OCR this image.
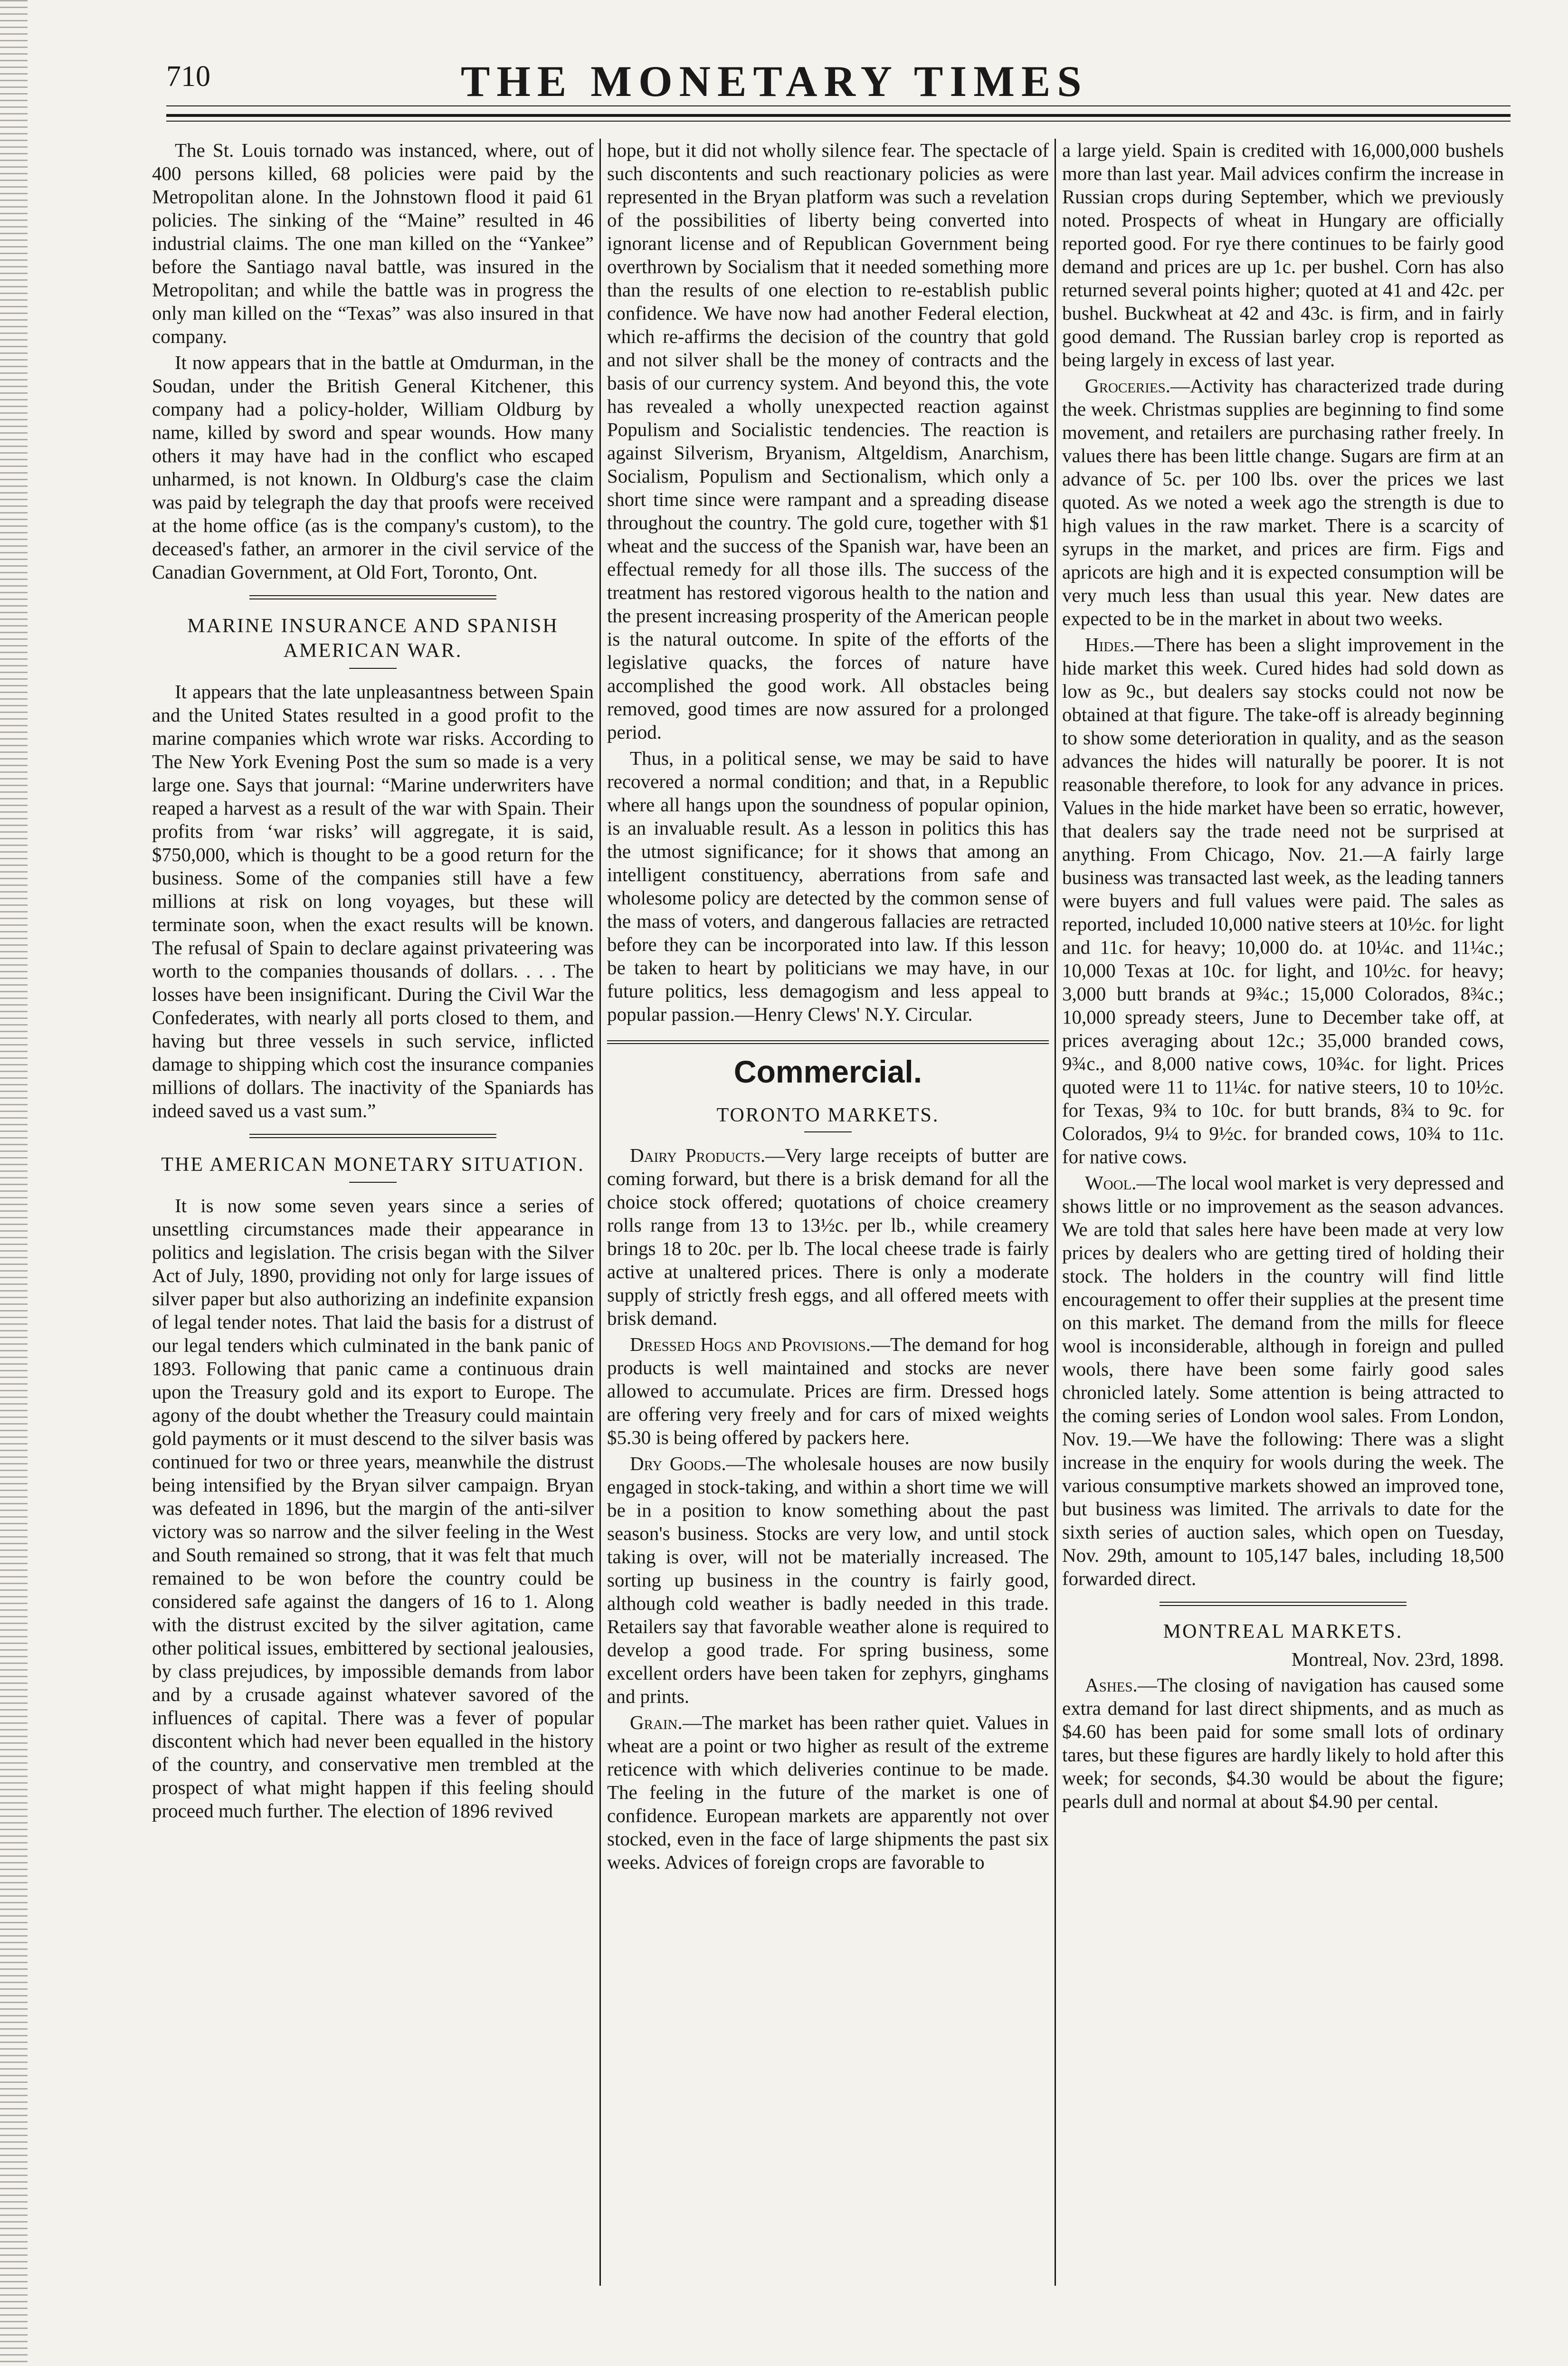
710	THE MONETARY TIMES

The St. Louis tornado was instanced, where, out of 400 persons killed, 68 policies were paid by the Metropolitan alone. In the Johnstown flood it paid 61 policies. The sinking of the “Maine” resulted in 46 industrial claims. The one man killed on the “Yankee” before the Santiago naval battle, was insured in the Metropolitan; and while the battle was in progress the only man killed on the “Texas” was also insured in that company.

It now appears that in the battle at Omdurman, in the Soudan, under the British General Kitchener, this company had a policy-holder, William Oldburg by name, killed by sword and spear wounds. How many others it may have had in the conflict who escaped unharmed, is not known. In Oldburg's case the claim was paid by telegraph the day that proofs were received at the home office (as is the company's custom), to the deceased's father, an armorer in the civil service of the Canadian Government, at Old Fort, Toronto, Ont.

MARINE INSURANCE AND SPANISH AMERICAN WAR.

It appears that the late unpleasantness between Spain and the United States resulted in a good profit to the marine companies which wrote war risks. According to The New York Evening Post the sum so made is a very large one. Says that journal: “Marine underwriters have reaped a harvest as a result of the war with Spain. Their profits from ‘war risks’ will aggregate, it is said, $750,000, which is thought to be a good return for the business. Some of the companies still have a few millions at risk on long voyages, but these will terminate soon, when the exact results will be known. The refusal of Spain to declare against privateering was worth to the companies thousands of dollars. . . . The losses have been insignificant. During the Civil War the Confederates, with nearly all ports closed to them, and having but three vessels in such service, inflicted damage to shipping which cost the insurance companies millions of dollars. The inactivity of the Spaniards has indeed saved us a vast sum.”

THE AMERICAN MONETARY SITUATION.

It is now some seven years since a series of unsettling circumstances made their appearance in politics and legislation. The crisis began with the Silver Act of July, 1890, providing not only for large issues of silver paper but also authorizing an indefinite expansion of legal tender notes. That laid the basis for a distrust of our legal tenders which culminated in the bank panic of 1893. Following that panic came a continuous drain upon the Treasury gold and its export to Europe. The agony of the doubt whether the Treasury could maintain gold payments or it must descend to the silver basis was continued for two or three years, meanwhile the distrust being intensified by the Bryan silver campaign. Bryan was defeated in 1896, but the margin of the anti-silver victory was so narrow and the silver feeling in the West and South remained so strong, that it was felt that much remained to be won before the country could be considered safe against the dangers of 16 to 1. Along with the distrust excited by the silver agitation, came other political issues, embittered by sectional jealousies, by class prejudices, by impossible demands from labor and by a crusade against whatever savored of the influences of capital. There was a fever of popular discontent which had never been equalled in the history of the country, and conservative men trembled at the prospect of what might happen if this feeling should proceed much further. The election of 1896 revived

hope, but it did not wholly silence fear. The spectacle of such discontents and such reactionary policies as were represented in the Bryan platform was such a revelation of the possibilities of liberty being converted into ignorant license and of Republican Government being overthrown by Socialism that it needed something more than the results of one election to re-establish public confidence. We have now had another Federal election, which re-affirms the decision of the country that gold and not silver shall be the money of contracts and the basis of our currency system. And beyond this, the vote has revealed a wholly unexpected reaction against Populism and Socialistic tendencies. The reaction is against Silverism, Bryanism, Altgeldism, Anarchism, Socialism, Populism and Sectionalism, which only a short time since were rampant and a spreading disease throughout the country. The gold cure, together with $1 wheat and the success of the Spanish war, have been an effectual remedy for all those ills. The success of the treatment has restored vigorous health to the nation and the present increasing prosperity of the American people is the natural outcome. In spite of the efforts of the legislative quacks, the forces of nature have accomplished the good work. All obstacles being removed, good times are now assured for a prolonged period.

Thus, in a political sense, we may be said to have recovered a normal condition; and that, in a Republic where all hangs upon the soundness of popular opinion, is an invaluable result. As a lesson in politics this has the utmost significance; for it shows that among an intelligent constituency, aberrations from safe and wholesome policy are detected by the common sense of the mass of voters, and dangerous fallacies are retracted before they can be incorporated into law. If this lesson be taken to heart by politicians we may have, in our future politics, less demagogism and less appeal to popular passion.—Henry Clews' N.Y. Circular.

Commercial.
TORONTO MARKETS.

Dairy Products.—Very large receipts of butter are coming forward, but there is a brisk demand for all the choice stock offered; quotations of choice creamery rolls range from 13 to 13½c. per lb., while creamery brings 18 to 20c. per lb. The local cheese trade is fairly active at unaltered prices. There is only a moderate supply of strictly fresh eggs, and all offered meets with brisk demand.

Dressed Hogs and Provisions.—The demand for hog products is well maintained and stocks are never allowed to accumulate. Prices are firm. Dressed hogs are offering very freely and for cars of mixed weights $5.30 is being offered by packers here.

Dry Goods.—The wholesale houses are now busily engaged in stock-taking, and within a short time we will be in a position to know something about the past season's business. Stocks are very low, and until stock taking is over, will not be materially increased. The sorting up business in the country is fairly good, although cold weather is badly needed in this trade. Retailers say that favorable weather alone is required to develop a good trade. For spring business, some excellent orders have been taken for zephyrs, ginghams and prints.

Grain.—The market has been rather quiet. Values in wheat are a point or two higher as result of the extreme reticence with which deliveries continue to be made. The feeling in the future of the market is one of confidence. European markets are apparently not over stocked, even in the face of large shipments the past six weeks. Advices of foreign crops are favorable to

a large yield. Spain is credited with 16,000,000 bushels more than last year. Mail advices confirm the increase in Russian crops during September, which we previously noted. Prospects of wheat in Hungary are officially reported good. For rye there continues to be fairly good demand and prices are up 1c. per bushel. Corn has also returned several points higher; quoted at 41 and 42c. per bushel. Buckwheat at 42 and 43c. is firm, and in fairly good demand. The Russian barley crop is reported as being largely in excess of last year.

Groceries.—Activity has characterized trade during the week. Christmas supplies are beginning to find some movement, and retailers are purchasing rather freely. In values there has been little change. Sugars are firm at an advance of 5c. per 100 lbs. over the prices we last quoted. As we noted a week ago the strength is due to high values in the raw market. There is a scarcity of syrups in the market, and prices are firm. Figs and apricots are high and it is expected consumption will be very much less than usual this year. New dates are expected to be in the market in about two weeks.

Hides.—There has been a slight improvement in the hide market this week. Cured hides had sold down as low as 9c., but dealers say stocks could not now be obtained at that figure. The take-off is already beginning to show some deterioration in quality, and as the season advances the hides will naturally be poorer. It is not reasonable therefore, to look for any advance in prices. Values in the hide market have been so erratic, however, that dealers say the trade need not be surprised at anything. From Chicago, Nov. 21.—A fairly large business was transacted last week, as the leading tanners were buyers and full values were paid. The sales as reported, included 10,000 native steers at 10½c. for light and 11c. for heavy; 10,000 do. at 10¼c. and 11¼c.; 10,000 Texas at 10c. for light, and 10½c. for heavy; 3,000 butt brands at 9¾c.; 15,000 Colorados, 8¾c.; 10,000 spready steers, June to December take off, at prices averaging about 12c.; 35,000 branded cows, 9¾c., and 8,000 native cows, 10¾c. for light. Prices quoted were 11 to 11¼c. for native steers, 10 to 10½c. for Texas, 9¾ to 10c. for butt brands, 8¾ to 9c. for Colorados, 9¼ to 9½c. for branded cows, 10¾ to 11c. for native cows.

Wool.—The local wool market is very depressed and shows little or no improvement as the season advances. We are told that sales here have been made at very low prices by dealers who are getting tired of holding their stock. The holders in the country will find little encouragement to offer their supplies at the present time on this market. The demand from the mills for fleece wool is inconsiderable, although in foreign and pulled wools, there have been some fairly good sales chronicled lately. Some attention is being attracted to the coming series of London wool sales. From London, Nov. 19.—We have the following: There was a slight increase in the enquiry for wools during the week. The various consumptive markets showed an improved tone, but business was limited. The arrivals to date for the sixth series of auction sales, which open on Tuesday, Nov. 29th, amount to 105,147 bales, including 18,500 forwarded direct.

MONTREAL MARKETS.
Montreal, Nov. 23rd, 1898.

Ashes.—The closing of navigation has caused some extra demand for last direct shipments, and as much as $4.60 has been paid for some small lots of ordinary tares, but these figures are hardly likely to hold after this week; for seconds, $4.30 would be about the figure; pearls dull and normal at about $4.90 per cental.
